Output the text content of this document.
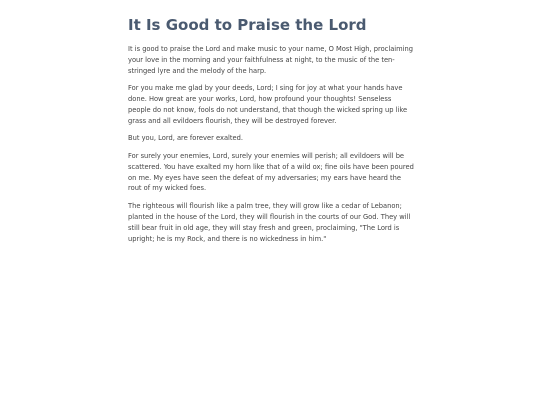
It Is Good to Praise the Lord

It is good to praise the Lord and make music to your name, O Most High, proclaiming your love in the morning and your faithfulness at night, to the music of the ten-stringed lyre and the melody of the harp.

For you make me glad by your deeds, Lord; I sing for joy at what your hands have done. How great are your works, Lord, how profound your thoughts! Senseless people do not know, fools do not understand, that though the wicked spring up like grass and all evildoers flourish, they will be destroyed forever.

But you, Lord, are forever exalted.

For surely your enemies, Lord, surely your enemies will perish; all evildoers will be scattered. You have exalted my horn like that of a wild ox; fine oils have been poured on me. My eyes have seen the defeat of my adversaries; my ears have heard the rout of my wicked foes.

The righteous will flourish like a palm tree, they will grow like a cedar of Lebanon; planted in the house of the Lord, they will flourish in the courts of our God. They will still bear fruit in old age, they will stay fresh and green, proclaiming, "The Lord is upright; he is my Rock, and there is no wickedness in him."
